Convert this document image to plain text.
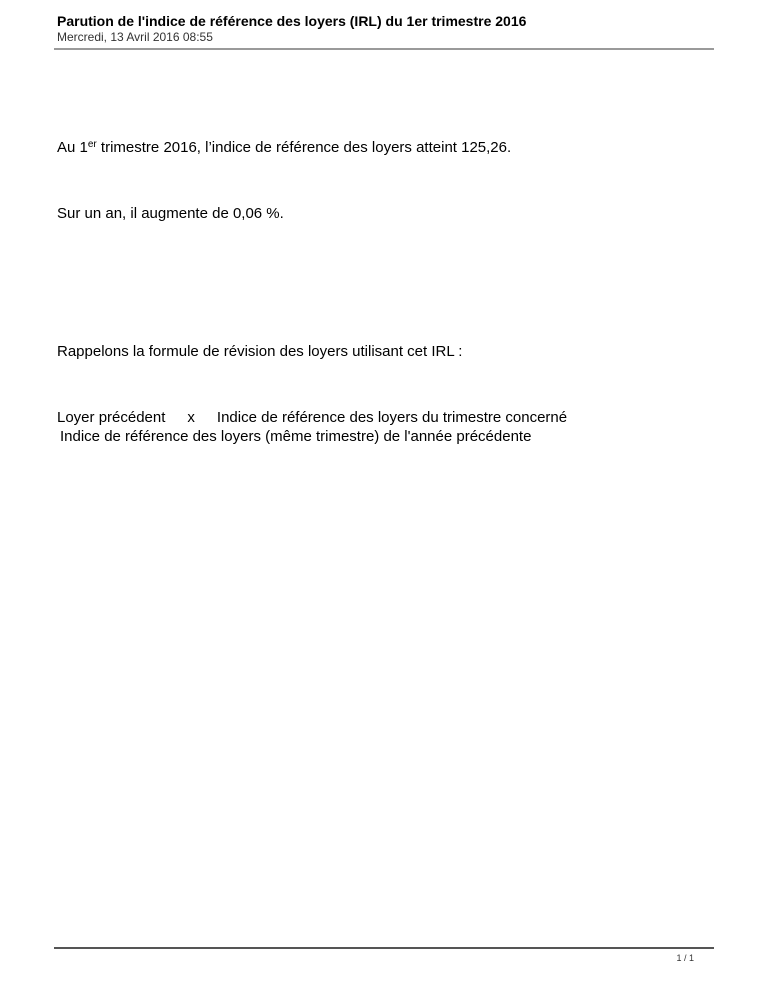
Parution de l'indice de référence des loyers (IRL) du 1er trimestre 2016
Mercredi, 13 Avril 2016 08:55
Au 1er trimestre 2016, l’indice de référence des loyers atteint 125,26.
Sur un an, il augmente de 0,06 %.
Rappelons la formule de révision des loyers utilisant cet IRL :
Loyer précédent x Indice de référence des loyers du trimestre concerné
Indice de référence des loyers (même trimestre) de l'année précédente
1 / 1
